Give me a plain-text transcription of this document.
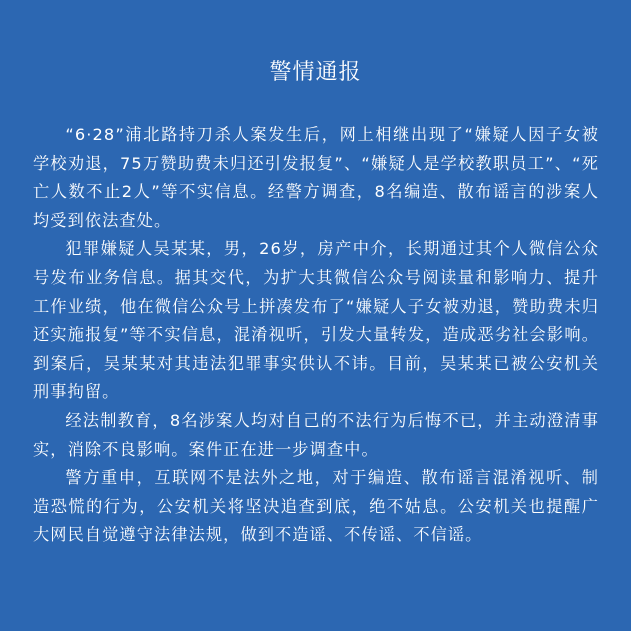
警情通报

“6·28”浦北路持刀杀人案发生后，网上相继出现了“嫌疑人因子女被学校劝退，75万赞助费未归还引发报复”、“嫌疑人是学校教职员工”、“死亡人数不止2人”等不实信息。经警方调查，8名编造、散布谣言的涉案人均受到依法查处。

犯罪嫌疑人吴某某，男，26岁，房产中介，长期通过其个人微信公众号发布业务信息。据其交代，为扩大其微信公众号阅读量和影响力、提升工作业绩，他在微信公众号上拼凑发布了“嫌疑人子女被劝退，赞助费未归还实施报复”等不实信息，混淆视听，引发大量转发，造成恶劣社会影响。到案后，吴某某对其违法犯罪事实供认不讳。目前，吴某某已被公安机关刑事拘留。

经法制教育，8名涉案人均对自己的不法行为后悔不已，并主动澄清事实，消除不良影响。案件正在进一步调查中。

警方重申，互联网不是法外之地，对于编造、散布谣言混淆视听、制造恐慌的行为，公安机关将坚决追查到底，绝不姑息。公安机关也提醒广大网民自觉遵守法律法规，做到不造谣、不传谣、不信谣。
